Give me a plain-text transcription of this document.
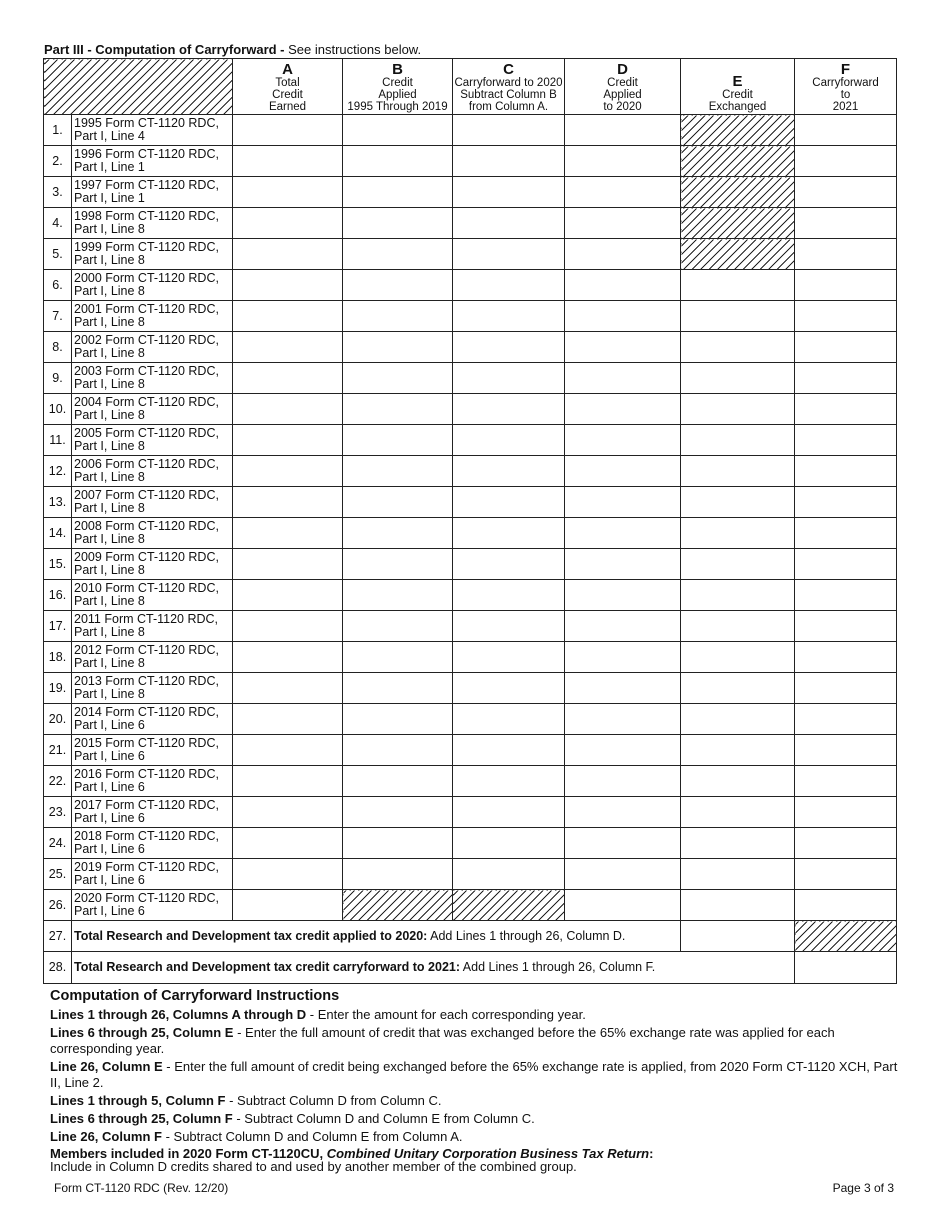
Part III - Computation of Carryforward - See instructions below.

		A
Total
Credit
Earned	B
Credit
Applied
1995 Through 2019	C
Carryforward to 2020
Subtract Column B
from Column A.	D
Credit
Applied
to 2020	E
Credit
Exchanged	F
Carryforward
to
2021	
1.	1995 Form CT-1120 RDC,
Part I, Line 4							
2.	1996 Form CT-1120 RDC,
Part I, Line 1							
3.	1997 Form CT-1120 RDC,
Part I, Line 1							
4.	1998 Form CT-1120 RDC,
Part I, Line 8							
5.	1999 Form CT-1120 RDC,
Part I, Line 8							
6.	2000 Form CT-1120 RDC,
Part I, Line 8							
7.	2001 Form CT-1120 RDC,
Part I, Line 8							
8.	2002 Form CT-1120 RDC,
Part I, Line 8							
9.	2003 Form CT-1120 RDC,
Part I, Line 8							
10.	2004 Form CT-1120 RDC,
Part I, Line 8							
11.	2005 Form CT-1120 RDC,
Part I, Line 8							
12.	2006 Form CT-1120 RDC,
Part I, Line 8							
13.	2007 Form CT-1120 RDC,
Part I, Line 8							
14.	2008 Form CT-1120 RDC,
Part I, Line 8							
15.	2009 Form CT-1120 RDC,
Part I, Line 8							
16.	2010 Form CT-1120 RDC,
Part I, Line 8							
17.	2011 Form CT-1120 RDC,
Part I, Line 8							
18.	2012 Form CT-1120 RDC,
Part I, Line 8							
19.	2013 Form CT-1120 RDC,
Part I, Line 8							
20.	2014 Form CT-1120 RDC,
Part I, Line 6							
21.	2015 Form CT-1120 RDC,
Part I, Line 6							
22.	2016 Form CT-1120 RDC,
Part I, Line 6							
23.	2017 Form CT-1120 RDC,
Part I, Line 6							
24.	2018 Form CT-1120 RDC,
Part I, Line 6							
25.	2019 Form CT-1120 RDC,
Part I, Line 6							
26.	2020 Form CT-1120 RDC,
Part I, Line 6							
27.	Total Research and Development tax credit applied to 2020: Add Lines 1 through 26, Column D.							
28.	Total Research and Development tax credit carryforward to 2021: Add Lines 1 through 26, Column F.							
Computation of Carryforward Instructions

Lines 1 through 26, Columns A through D - Enter the amount for each corresponding year.

Lines 6 through 25, Column E - Enter the full amount of credit that was exchanged before the 65% exchange rate was applied for each corresponding year.

Line 26, Column E - Enter the full amount of credit being exchanged before the 65% exchange rate is applied, from 2020 Form CT-1120 XCH, Part II, Line 2.

Lines 1 through 5, Column F - Subtract Column D from Column C.

Lines 6 through 25, Column F - Subtract Column D and Column E from Column C.

Line 26, Column F - Subtract Column D and Column E from Column A.

Members included in 2020 Form CT-1120CU, Combined Unitary Corporation Business Tax Return:
Include in Column D credits shared to and used by another member of the combined group.

Form CT-1120 RDC (Rev. 12/20)	Page 3 of 3
